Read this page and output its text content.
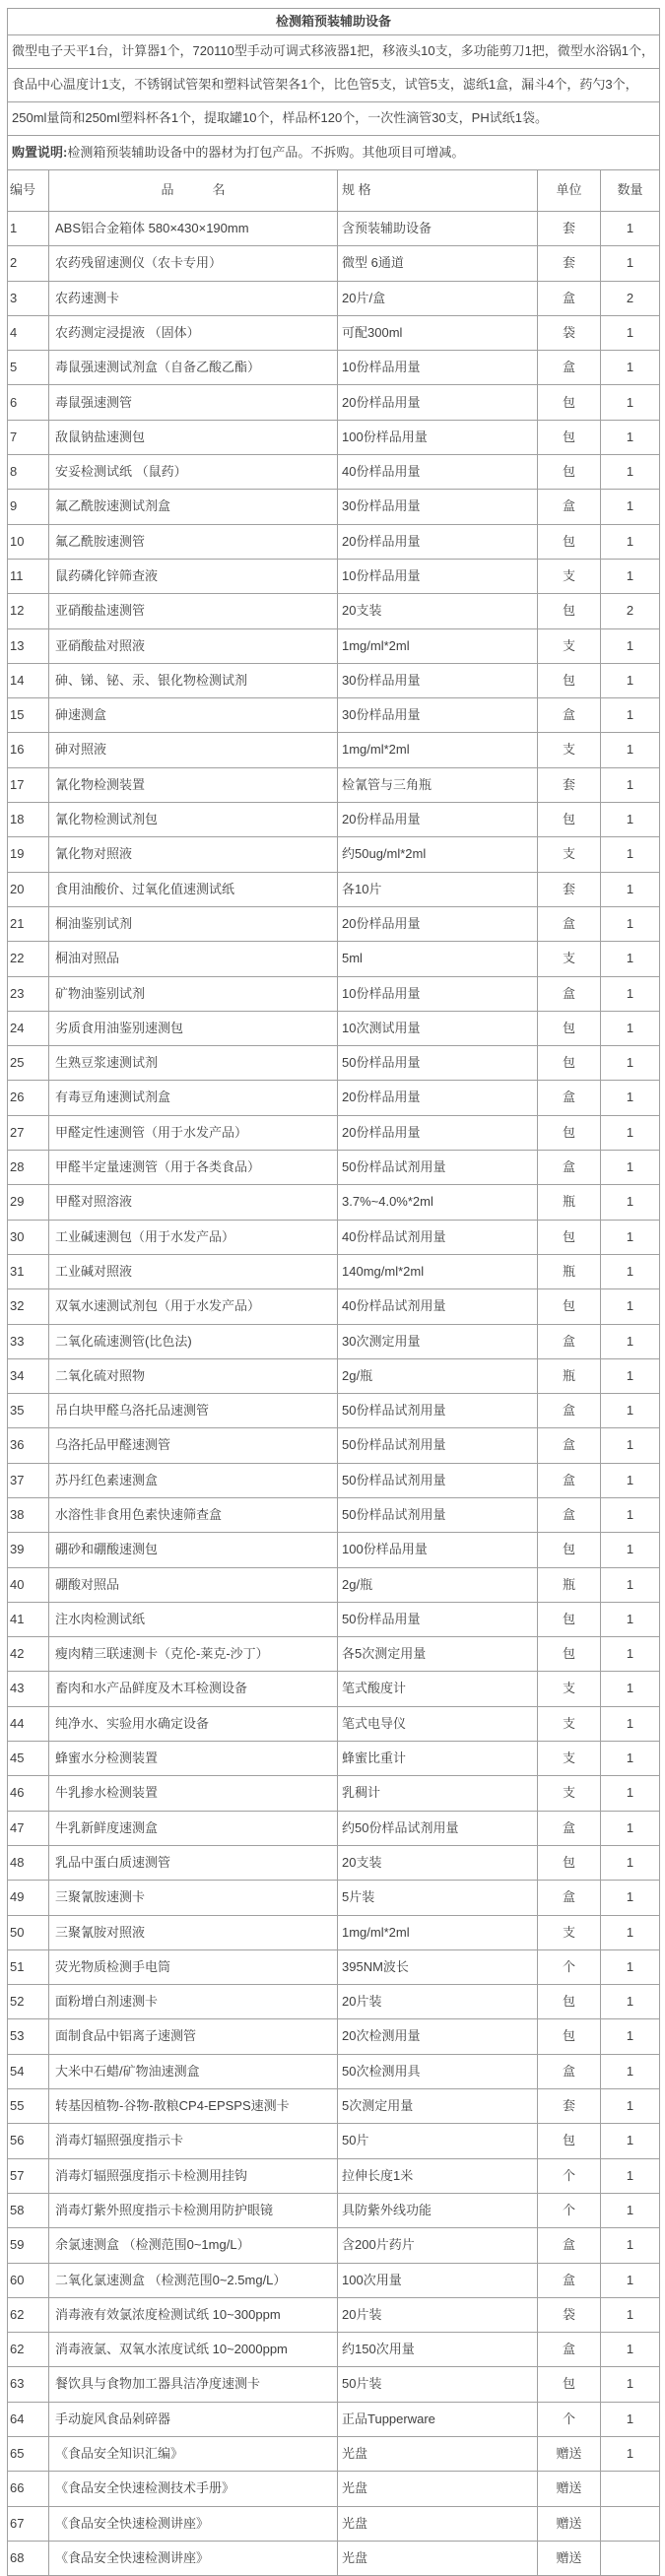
检测箱预装辅助设备				
微型电子天平1台，计算器1个，720110型手动可调式移液器1把，移液头10支，多功能剪刀1把，微型水浴锅1个，				
食品中心温度计1支，不锈钢试管架和塑料试管架各1个，比色管5支，试管5支，滤纸1盒，漏斗4个，药勺3个，				
250ml量筒和250ml塑料杯各1个，提取罐10个，样品杯120个，一次性滴管30支，PH试纸1袋。				
购置说明:检测箱预装辅助设备中的器材为打包产品。不拆购。其他项目可增减。				
编号	品　　　名	规 格	单位	数量
1	ABS铝合金箱体 580×430×190mm	含预装辅助设备	套	1
2	农药残留速测仪（农卡专用）	微型 6通道	套	1
3	农药速测卡	20片/盒	盒	2
4	农药测定浸提液 （固体）	可配300ml	袋	1
5	毒鼠强速测试剂盒（自备乙酸乙酯）	10份样品用量	盒	1
6	毒鼠强速测管	20份样品用量	包	1
7	敌鼠钠盐速测包	100份样品用量	包	1
8	安妥检测试纸 （鼠药）	40份样品用量	包	1
9	氟乙酰胺速测试剂盒	30份样品用量	盒	1
10	氟乙酰胺速测管	20份样品用量	包	1
11	鼠药磷化锌筛查液	10份样品用量	支	1
12	亚硝酸盐速测管	20支装	包	2
13	亚硝酸盐对照液	1mg/ml*2ml	支	1
14	砷、锑、铋、汞、银化物检测试剂	30份样品用量	包	1
15	砷速测盒	30份样品用量	盒	1
16	砷对照液	1mg/ml*2ml	支	1
17	氰化物检测装置	检氰管与三角瓶	套	1
18	氰化物检测试剂包	20份样品用量	包	1
19	氰化物对照液	约50ug/ml*2ml	支	1
20	食用油酸价、过氧化值速测试纸	各10片	套	1
21	桐油鉴别试剂	20份样品用量	盒	1
22	桐油对照品	5ml	支	1
23	矿物油鉴别试剂	10份样品用量	盒	1
24	劣质食用油鉴别速测包	10次测试用量	包	1
25	生熟豆浆速测试剂	50份样品用量	包	1
26	有毒豆角速测试剂盒	20份样品用量	盒	1
27	甲醛定性速测管（用于水发产品）	20份样品用量	包	1
28	甲醛半定量速测管（用于各类食品）	50份样品试剂用量	盒	1
29	甲醛对照溶液	3.7%~4.0%*2ml	瓶	1
30	工业碱速测包（用于水发产品）	40份样品试剂用量	包	1
31	工业碱对照液	140mg/ml*2ml	瓶	1
32	双氧水速测试剂包（用于水发产品）	40份样品试剂用量	包	1
33	二氧化硫速测管(比色法)	30次测定用量	盒	1
34	二氧化硫对照物	2g/瓶	瓶	1
35	吊白块甲醛乌洛托品速测管	50份样品试剂用量	盒	1
36	乌洛托品甲醛速测管	50份样品试剂用量	盒	1
37	苏丹红色素速测盒	50份样品试剂用量	盒	1
38	水溶性非食用色素快速筛查盒	50份样品试剂用量	盒	1
39	硼砂和硼酸速测包	100份样品用量	包	1
40	硼酸对照品	2g/瓶	瓶	1
41	注水肉检测试纸	50份样品用量	包	1
42	瘦肉精三联速测卡（克伦-莱克-沙丁）	各5次测定用量	包	1
43	畜肉和水产品鲜度及木耳检测设备	笔式酸度计	支	1
44	纯净水、实验用水确定设备	笔式电导仪	支	1
45	蜂蜜水分检测装置	蜂蜜比重计	支	1
46	牛乳掺水检测装置	乳稠计	支	1
47	牛乳新鲜度速测盒	约50份样品试剂用量	盒	1
48	乳品中蛋白质速测管	20支装	包	1
49	三聚氰胺速测卡	5片装	盒	1
50	三聚氰胺对照液	1mg/ml*2ml	支	1
51	荧光物质检测手电筒	395NM波长	个	1
52	面粉增白剂速测卡	20片装	包	1
53	面制食品中铝离子速测管	20次检测用量	包	1
54	大米中石蜡/矿物油速测盒	50次检测用具	盒	1
55	转基因植物-谷物-散粮CP4-EPSPS速测卡	5次测定用量	套	1
56	消毒灯辐照强度指示卡	50片	包	1
57	消毒灯辐照强度指示卡检测用挂钩	拉伸长度1米	个	1
58	消毒灯紫外照度指示卡检测用防护眼镜	具防紫外线功能	个	1
59	余氯速测盒 （检测范围0~1mg/L）	含200片药片	盒	1
60	二氧化氯速测盒 （检测范围0~2.5mg/L）	100次用量	盒	1
62	消毒液有效氯浓度检测试纸 10~300ppm	20片装	袋	1
62	消毒液氯、双氧水浓度试纸 10~2000ppm	约150次用量	盒	1
63	餐饮具与食物加工器具洁净度速测卡	50片装	包	1
64	手动旋风食品剁碎器	正品Tupperware	个	1
65	《食品安全知识汇编》	光盘	赠送	1
66	《食品安全快速检测技术手册》	光盘	赠送	
67	《食品安全快速检测讲座》	光盘	赠送	
68	《食品安全快速检测讲座》	光盘	赠送	
